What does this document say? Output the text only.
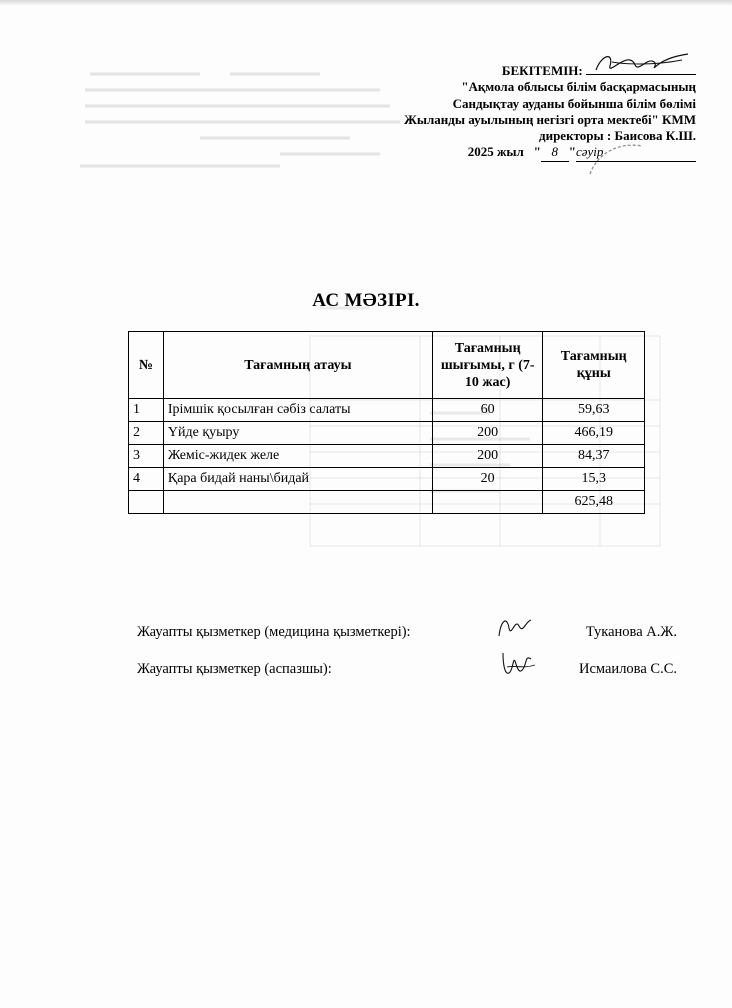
БЕКІТЕМІН:
"Ақмола облысы білім басқармасының
Сандықтау ауданы бойынша білім бөлімі
Жыланды ауылының негізгі орта мектебі" КММ
директоры : Баисова К.Ш.
2025 жыл   " 8 "сәуір
АС МӘЗІРІ.
№	Тағамның атауы	Тағамның шығымы, г (7-10 жас)	Тағамның құны
1	Ірімшік қосылған сәбіз салаты	60	59,63
2	Үйде қуыру	200	466,19
3	Жеміс-жидек желе	200	84,37
4	Қара бидай наны\бидай	20	15,3
			625,48
Жауапты қызметкер (медицина қызметкері):	Туканова А.Ж.
Жауапты қызметкер (аспазшы):	Исмаилова С.С.
